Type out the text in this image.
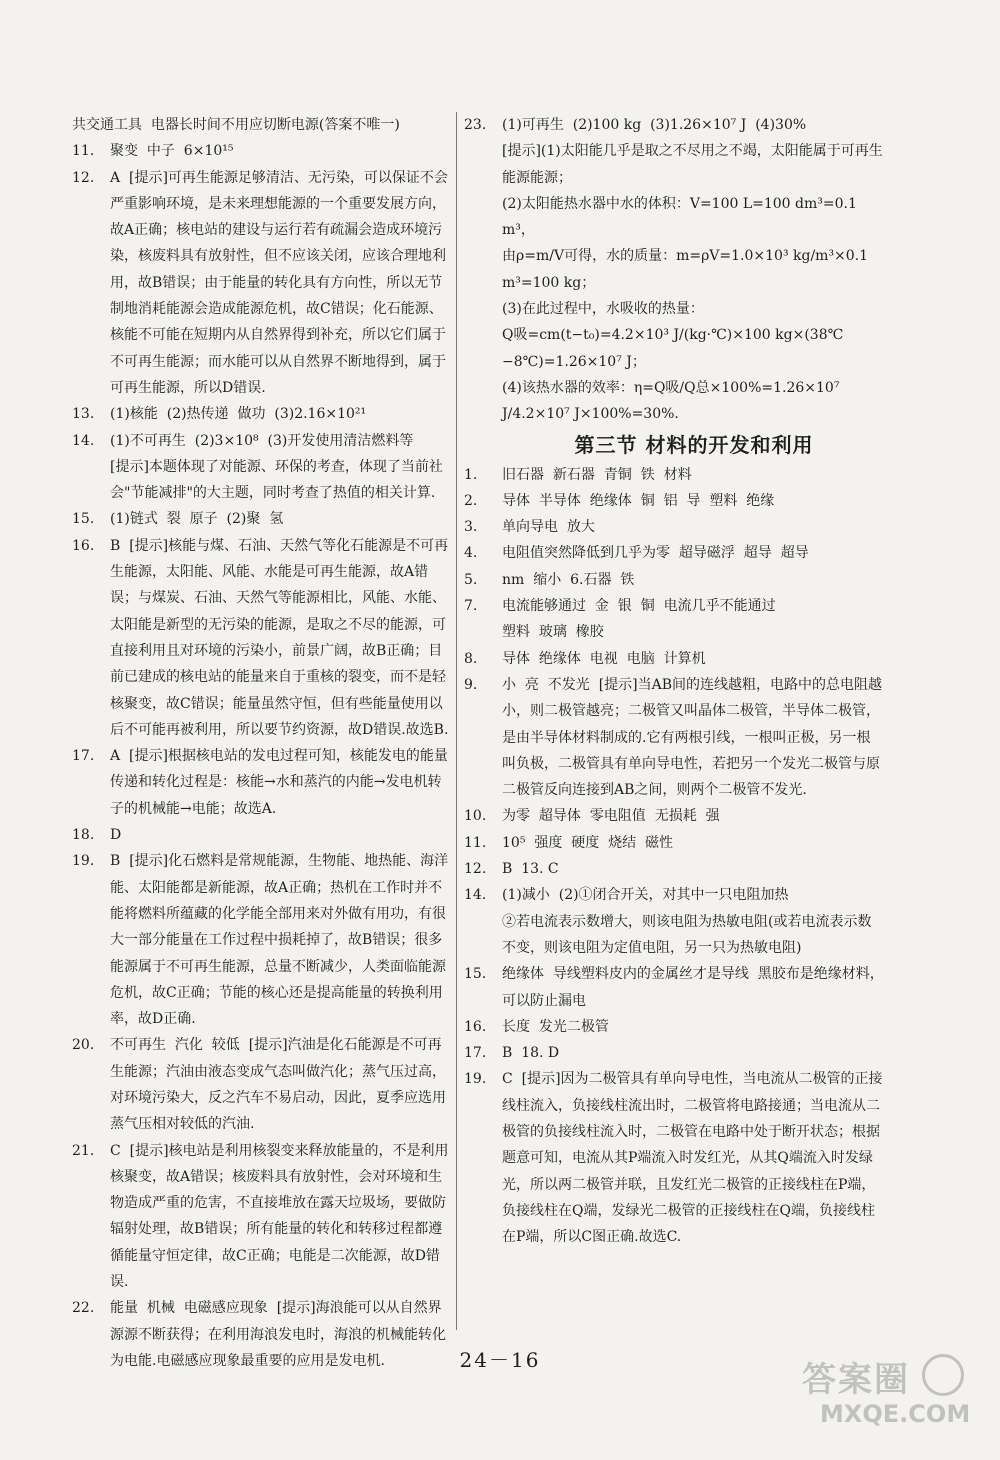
共交通工具  电器长时间不用应切断电源(答案不唯一)

11. 聚变  中子  6×10¹⁵
12. A  [提示]可再生能源足够清洁、无污染，可以保证不会严重影响环境，是未来理想能源的一个重要发展方向，故A正确；核电站的建设与运行若有疏漏会造成环境污染，核废料具有放射性，但不应该关闭，应该合理地利用，故B错误；由于能量的转化具有方向性，所以无节制地消耗能源会造成能源危机，故C错误；化石能源、核能不可能在短期内从自然界得到补充，所以它们属于不可再生能源；而水能可以从自然界不断地得到，属于可再生能源，所以D错误.
13. (1)核能  (2)热传递  做功  (3)2.16×10²¹
14. (1)不可再生  (2)3×10⁸  (3)开发使用清洁燃料等
[提示]本题体现了对能源、环保的考查，体现了当前社会"节能减排"的大主题，同时考查了热值的相关计算.
15. (1)链式  裂  原子  (2)聚  氢
16. B  [提示]核能与煤、石油、天然气等化石能源是不可再生能源，太阳能、风能、水能是可再生能源，故A错误；与煤炭、石油、天然气等能源相比，风能、水能、太阳能是新型的无污染的能源，是取之不尽的能源，可直接利用且对环境的污染小，前景广阔，故B正确；目前已建成的核电站的能量来自于重核的裂变，而不是轻核聚变，故C错误；能量虽然守恒，但有些能量使用以后不可能再被利用，所以要节约资源，故D错误.故选B.
17. A  [提示]根据核电站的发电过程可知，核能发电的能量传递和转化过程是：核能→水和蒸汽的内能→发电机转子的机械能→电能；故选A.
18. D
19. B  [提示]化石燃料是常规能源，生物能、地热能、海洋能、太阳能都是新能源，故A正确；热机在工作时并不能将燃料所蕴藏的化学能全部用来对外做有用功，有很大一部分能量在工作过程中损耗掉了，故B错误；很多能源属于不可再生能源，总量不断减少，人类面临能源危机，故C正确；节能的核心还是提高能量的转换利用率，故D正确.
20. 不可再生  汽化  较低  [提示]汽油是化石能源是不可再生能源；汽油由液态变成气态叫做汽化；蒸气压过高，对环境污染大，反之汽车不易启动，因此，夏季应选用蒸气压相对较低的汽油.
21. C  [提示]核电站是利用核裂变来释放能量的，不是利用核聚变，故A错误；核废料具有放射性，会对环境和生物造成严重的危害，不直接堆放在露天垃圾场，要做防辐射处理，故B错误；所有能量的转化和转移过程都遵循能量守恒定律，故C正确；电能是二次能源，故D错误.
22. 能量  机械  电磁感应现象  [提示]海浪能可以从自然界源源不断获得；在利用海浪发电时，海浪的机械能转化为电能.电磁感应现象最重要的应用是发电机.
23. (1)可再生  (2)100 kg  (3)1.26×10⁷ J  (4)30%
[提示](1)太阳能几乎是取之不尽用之不竭，太阳能属于可再生能源能源；
(2)太阳能热水器中水的体积：V=100 L=100 dm³=0.1 m³，
由ρ=m/V可得，水的质量：m=ρV=1.0×10³ kg/m³×0.1 m³=100 kg；
(3)在此过程中，水吸收的热量：
Q吸=cm(t−t₀)=4.2×10³ J/(kg·℃)×100 kg×(38℃−8℃)=1.26×10⁷ J；
(4)该热水器的效率：η=Q吸/Q总×100%=1.26×10⁷ J/4.2×10⁷ J×100%=30%.
第三节 材料的开发和利用
1. 旧石器  新石器  青铜  铁  材料
2. 导体  半导体  绝缘体  铜  铝  导  塑料  绝缘
3. 单向导电  放大
4. 电阻值突然降低到几乎为零  超导磁浮  超导  超导
5. nm  缩小  6.石器  铁
7. 电流能够通过  金  银  铜  电流几乎不能通过
塑料  玻璃  橡胶
8. 导体  绝缘体  电视  电脑  计算机
9. 小  亮  不发光  [提示]当AB间的连线越粗，电路中的总电阻越小，则二极管越亮；二极管又叫晶体二极管，半导体二极管，是由半导体材料制成的.它有两根引线，一根叫正极，另一根叫负极，二极管具有单向导电性，若把另一个发光二极管与原二极管反向连接到AB之间，则两个二极管不发光.
10. 为零  超导体  零电阻值  无损耗  强
11. 10⁵  强度  硬度  烧结  磁性
12. B  13. C
14. (1)减小  (2)①闭合开关，对其中一只电阻加热
②若电流表示数增大，则该电阻为热敏电阻(或若电流表示数不变，则该电阻为定值电阻，另一只为热敏电阻)
15. 绝缘体  导线塑料皮内的金属丝才是导线  黑胶布是绝缘材料，可以防止漏电
16. 长度  发光二极管
17. B  18. D
19. C  [提示]因为二极管具有单向导电性，当电流从二极管的正接线柱流入，负接线柱流出时，二极管将电路接通；当电流从二极管的负接线柱流入时，二极管在电路中处于断开状态；根据题意可知，电流从其P端流入时发红光，从其Q端流入时发绿光，所以两二极管并联，且发红光二极管的正接线柱在P端，负接线柱在Q端，发绿光二极管的正接线柱在Q端，负接线柱在P端，所以C图正确.故选C.
24－16	答案圈
MXQE.COM
